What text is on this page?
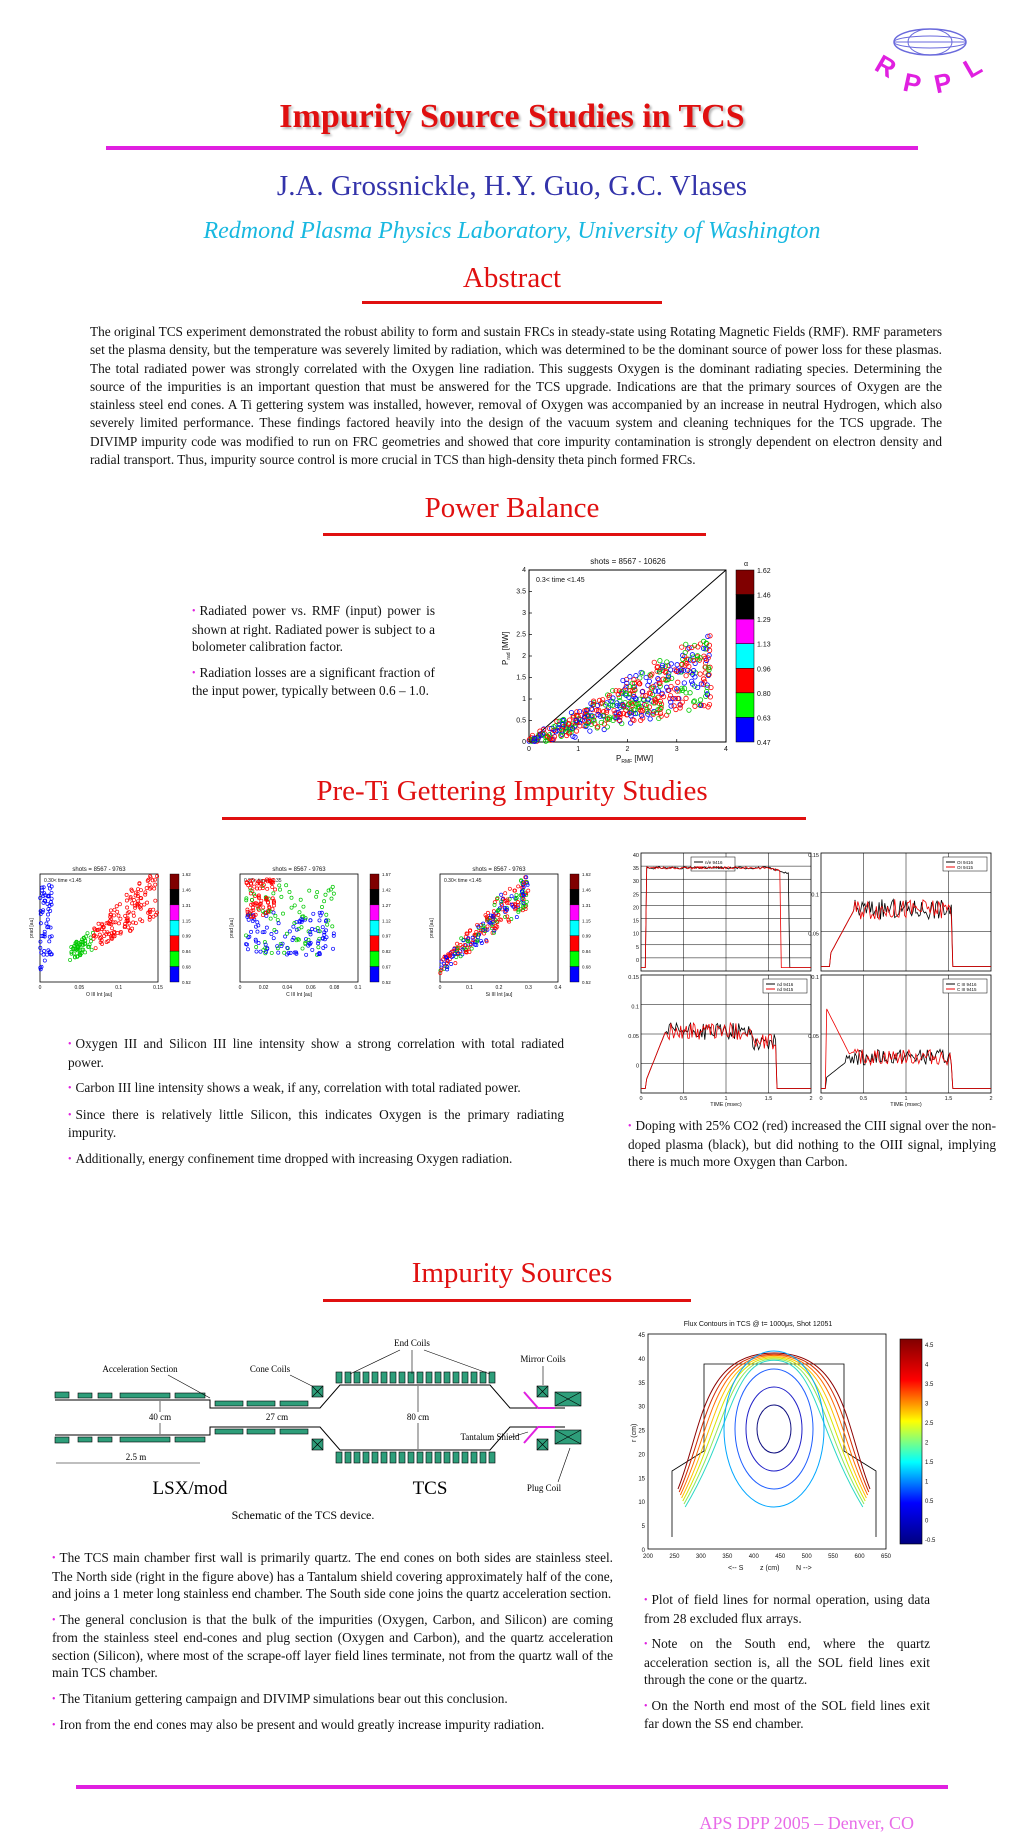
R P P L
Impurity Source Studies in TCS
J.A. Grossnickle, H.Y. Guo, G.C. Vlases
Redmond Plasma Physics Laboratory, University of Washington
Abstract
The original TCS experiment demonstrated the robust ability to form and sustain FRCs in steady-state using Rotating Magnetic Fields (RMF). RMF parameters set the plasma density, but the temperature was severely limited by radiation, which was determined to be the dominant source of power loss for these plasmas. The total radiated power was strongly correlated with the Oxygen line radiation. This suggests Oxygen is the dominant radiating species. Determining the source of the impurities is an important question that must be answered for the TCS upgrade. Indications are that the primary sources of Oxygen are the stainless steel end cones. A Ti gettering system was installed, however, removal of Oxygen was accompanied by an increase in neutral Hydrogen, which also severely limited performance. These findings factored heavily into the design of the vacuum system and cleaning techniques for the TCS upgrade. The DIVIMP impurity code was modified to run on FRC geometries and showed that core impurity contamination is strongly dependent on electron density and radial transport. Thus, impurity source control is more crucial in TCS than high-density theta pinch formed FRCs.
Power Balance

• Radiated power vs. RMF (input) power is shown at right. Radiated power is subject to a bolometer calibration factor.

• Radiation losses are a significant fraction of the input power, typically between 0.6 – 1.0.

shots = 8567 - 10626
0.3< time <1.45
0	1	2	3	4
0
0.5
1
1.5
2
2.5
3
3.5
4
$P_{RMF}$ [MW]
$P_{rad}$ [MW]
α
1.62
1.46
1.29
1.13
0.96
0.80
0.63
0.47
Pre-Ti Gettering Impurity Studies
shots = 8567 - 9763
0.30< time <1.45
0	0.05	0.1	0.15
O III Int [au]
prad [au]
1.62
1.46
1.31
1.15
0.99
0.84
0.68
0.52
shots = 8567 - 9763
0.25< time <1.35
0	0.02	0.04	0.06	0.08	0.1
C III Int [au]
prad [au]
1.57
1.42
1.27
1.12
0.97
0.82
0.67
0.52
shots = 8567 - 9763
0.30< time <1.45
0	0.1	0.2	0.3	0.4
Si III Int [au]
prad [au]
1.62
1.46
1.31
1.15
0.99
0.84
0.68
0.52

• Oxygen III and Silicon III line intensity show a strong correlation with total radiated power.

• Carbon III line intensity shows a weak, if any, correlation with total radiated power.

• Since there is relatively little Silicon, this indicates Oxygen is the primary radiating impurity.

• Additionally, energy confinement time dropped with increasing Oxygen radiation.

40
35
30
25
20
15
10
5
0
n/e 9416
n/e 9415
0.15
0.1
0.05
OI 9416
OI 9415
0.15
0.1
0.05
0
0	0.5	1	1.5	2
TIME (msec)
nd 9416
nd 9415
0.1
0.05
0	0.5	1	1.5	2
TIME (msec)
C III 9416
C III 9415

• Doping with 25% CO2 (red) increased the CIII signal over the non-doped plasma (black), but did nothing to the OIII signal, implying there is much more Oxygen than Carbon.

Impurity Sources
End Coils
Acceleration Section	Cone Coils
Mirror Coils
40 cm	27 cm	80 cm
Tantalum Shield
2.5 m
LSX/mod	TCS	Plug Coil
Schematic of the TCS device.

• The TCS main chamber first wall is primarily quartz. The end cones on both sides are stainless steel. The North side (right in the figure above) has a Tantalum shield covering approximately half of the cone, and joins a 1 meter long stainless end chamber. The South side cone joins the quartz acceleration section.

• The general conclusion is that the bulk of the impurities (Oxygen, Carbon, and Silicon) are coming from the stainless steel end-cones and plug section (Oxygen and Carbon), and the quartz acceleration section (Silicon), where most of the scrape-off layer field lines terminate, not from the quartz wall of the main TCS chamber.

• The Titanium gettering campaign and DIVIMP simulations bear out this conclusion.

• Iron from the end cones may also be present and would greatly increase impurity radiation.

Flux Contours in TCS @ t= 1000μs, Shot 12051
r (cm)
<-- S z (cm) N -->
200	250	300	350	400	450	500	550	600	650
45
40
35
30
25
20
15
10
5
0
4.5
4
3.5
3
2.5
2
1.5
1
0.5
0
-0.5

• Plot of field lines for normal operation, using data from 28 excluded flux arrays.

• Note on the South end, where the quartz acceleration section is, all the SOL field lines exit through the cone or the quartz.

• On the North end most of the SOL field lines exit far down the SS end chamber.

APS DPP 2005 – Denver, CO
